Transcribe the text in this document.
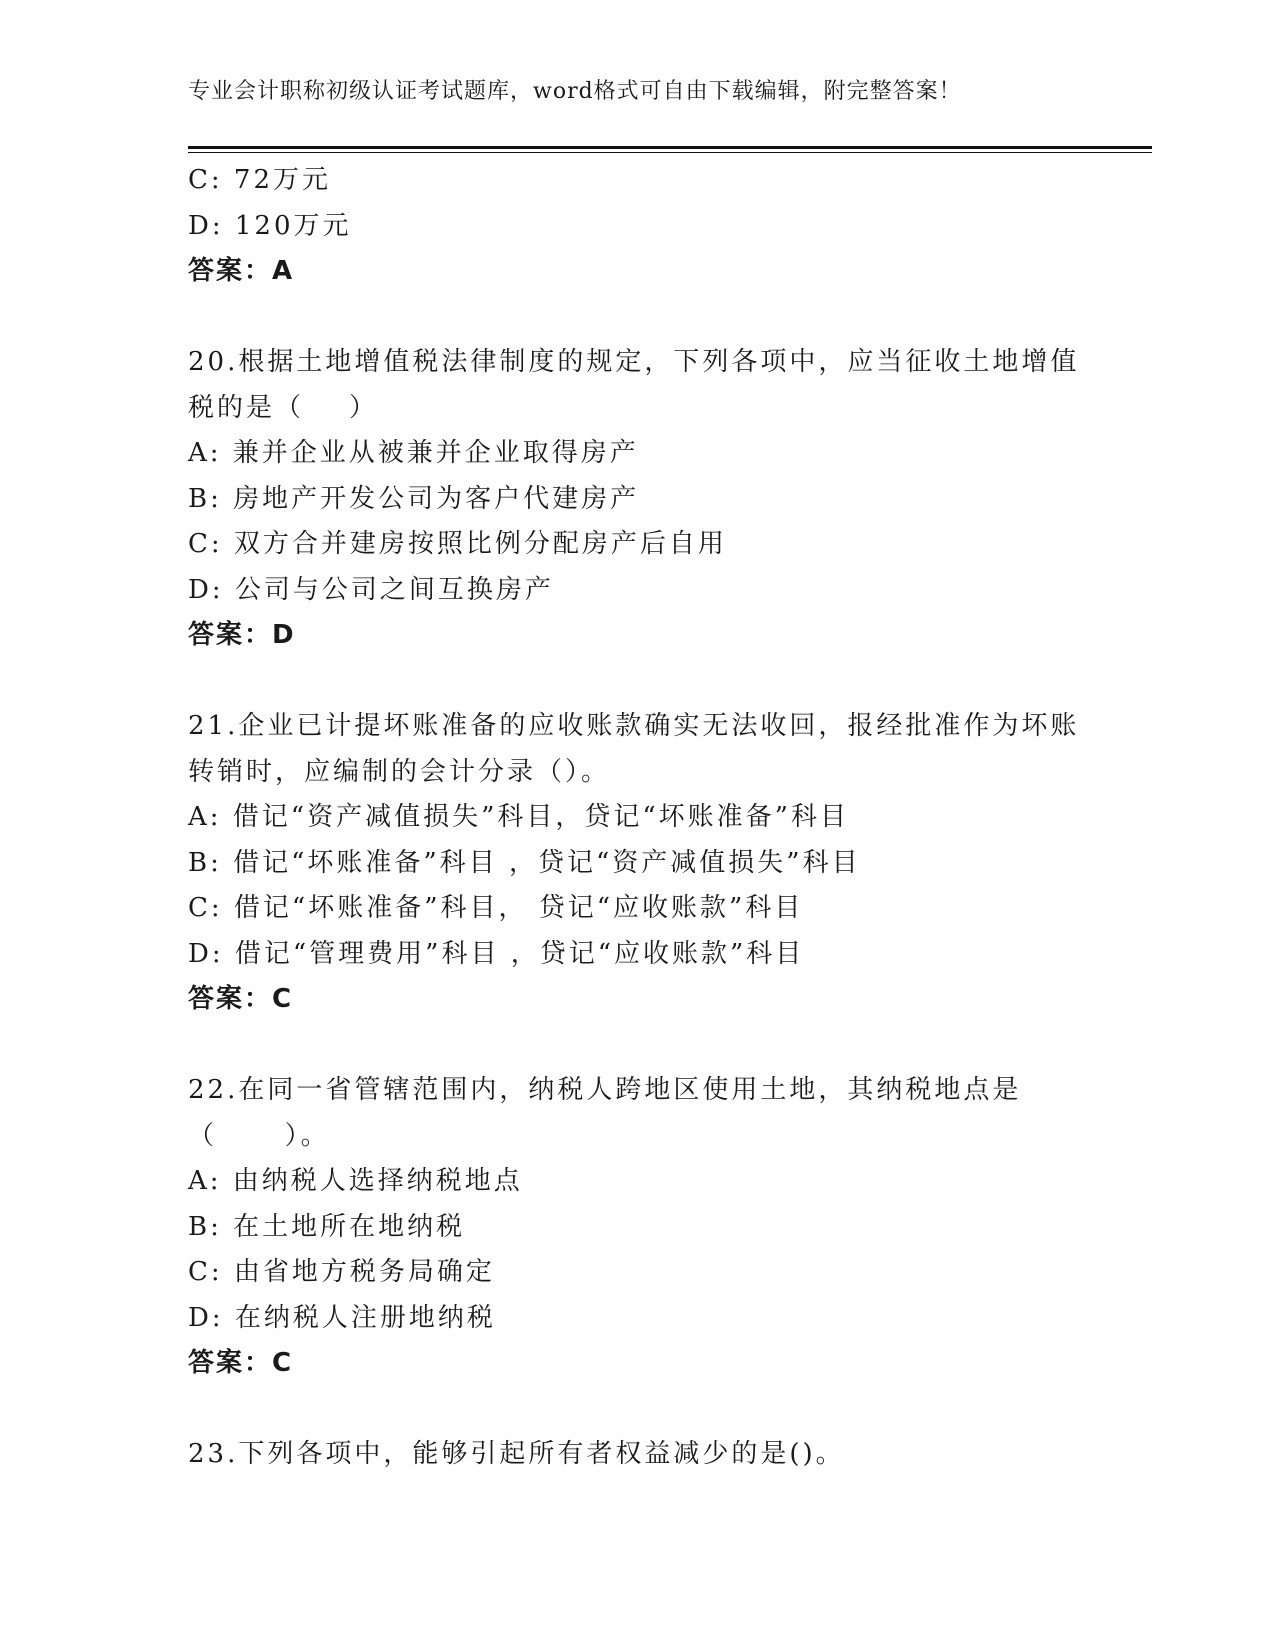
专业会计职称初级认证考试题库，word格式可自由下载编辑，附完整答案！
C: 72万元
D: 120万元
答案：A
20.根据土地增值税法律制度的规定，下列各项中，应当征收土地增值
税的是（    ）
A: 兼并企业从被兼并企业取得房产
B: 房地产开发公司为客户代建房产
C: 双方合并建房按照比例分配房产后自用
D: 公司与公司之间互换房产
答案：D
21.企业已计提坏账准备的应收账款确实无法收回，报经批准作为坏账
转销时，应编制的会计分录（）。
A: 借记“资产减值损失”科目，贷记“坏账准备”科目
B: 借记“坏账准备”科目 ，贷记“资产减值损失”科目
C: 借记“坏账准备”科目， 贷记“应收账款”科目
D: 借记“管理费用”科目 ，贷记“应收账款”科目
答案：C
22.在同一省管辖范围内，纳税人跨地区使用土地，其纳税地点是
（      ）。
A: 由纳税人选择纳税地点
B: 在土地所在地纳税
C: 由省地方税务局确定
D: 在纳税人注册地纳税
答案：C
23.下列各项中，能够引起所有者权益减少的是()。
